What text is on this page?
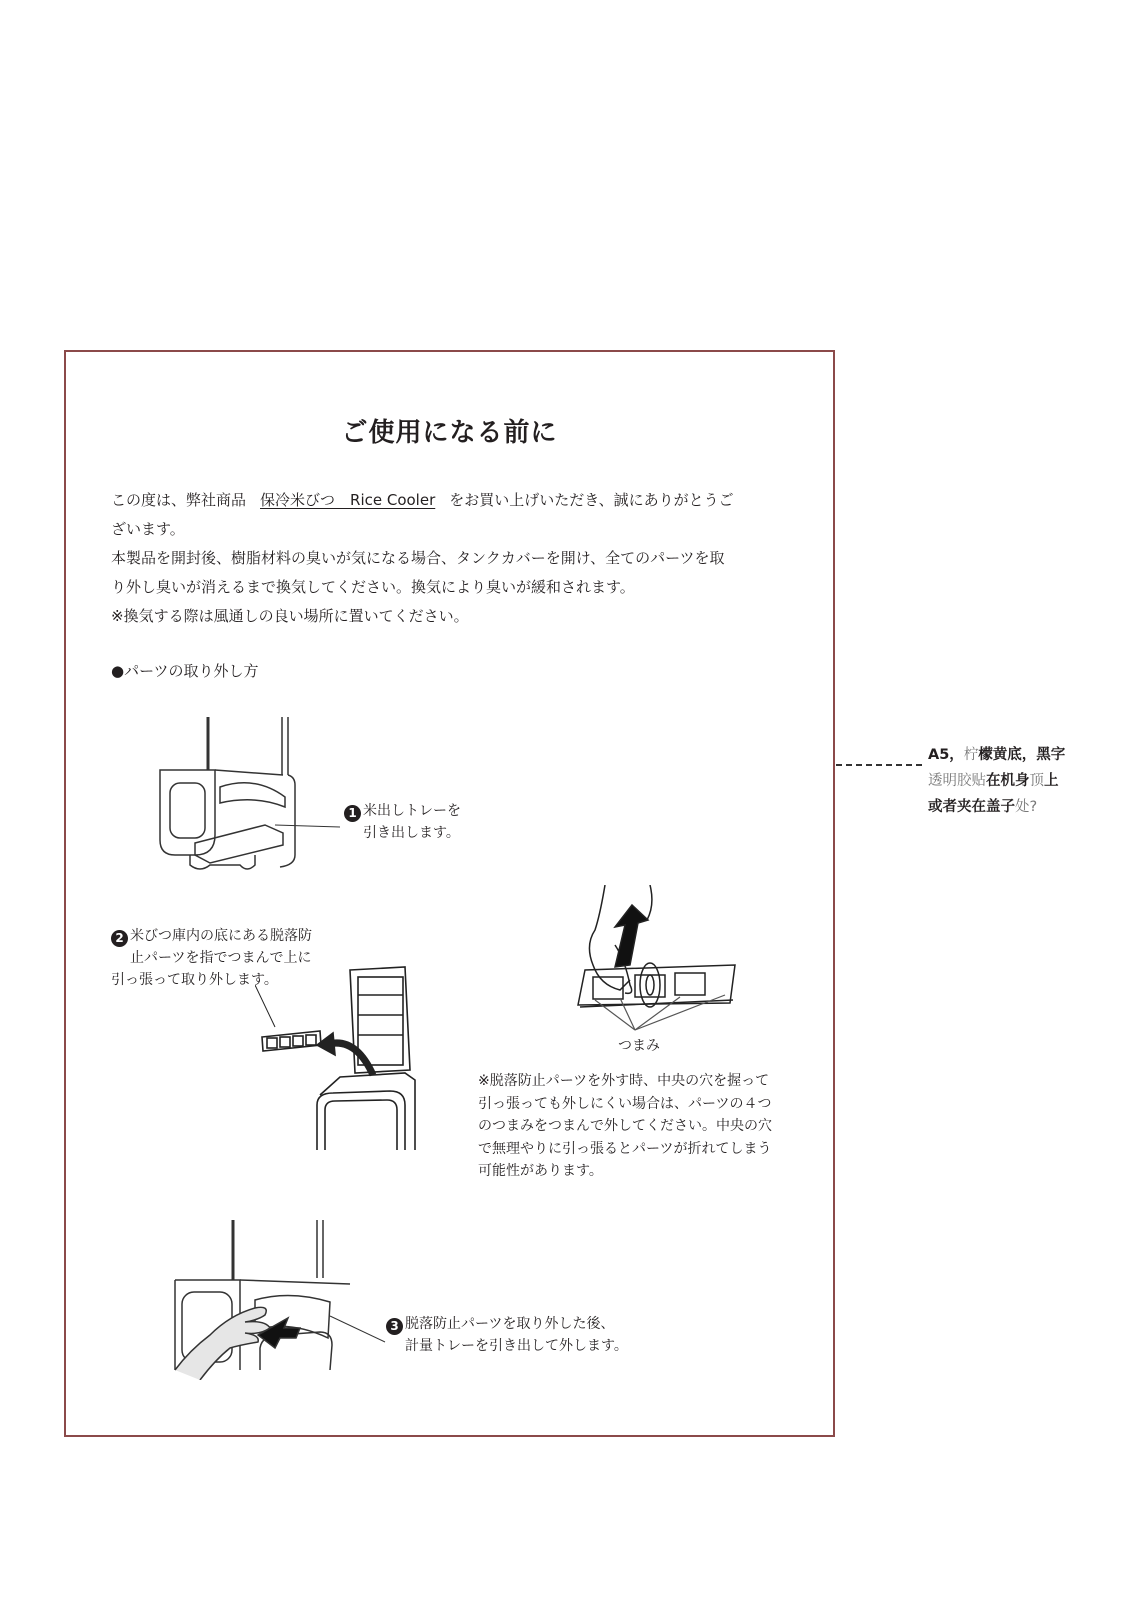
ご使用になる前に

この度は、弊社商品 保冷米びつ　Rice Cooler をお買い上げいただき、誠にありがとうご

ざいます。

本製品を開封後、樹脂材料の臭いが気になる場合、タンクカバーを開け、全てのパーツを取

り外し臭いが消えるまで換気してください。換気により臭いが緩和されます。

※換気する際は風通しの良い場所に置いてください。

●パーツの取り外し方
1 米出しトレーを
引き出します。
2 米びつ庫内の底にある脱落防
止パーツを指でつまんで上に
引っ張って取り外します。
つまみ
※脱落防止パーツを外す時、中央の穴を握って
引っ張っても外しにくい場合は、パーツの４つ
のつまみをつまんで外してください。中央の穴
で無理やりに引っ張るとパーツが折れてしまう
可能性があります。
3 脱落防止パーツを取り外した後、
計量トレーを引き出して外します。
A5，柠檬黄底，黑字
透明胶贴在机身顶上
或者夹在盖子处?
